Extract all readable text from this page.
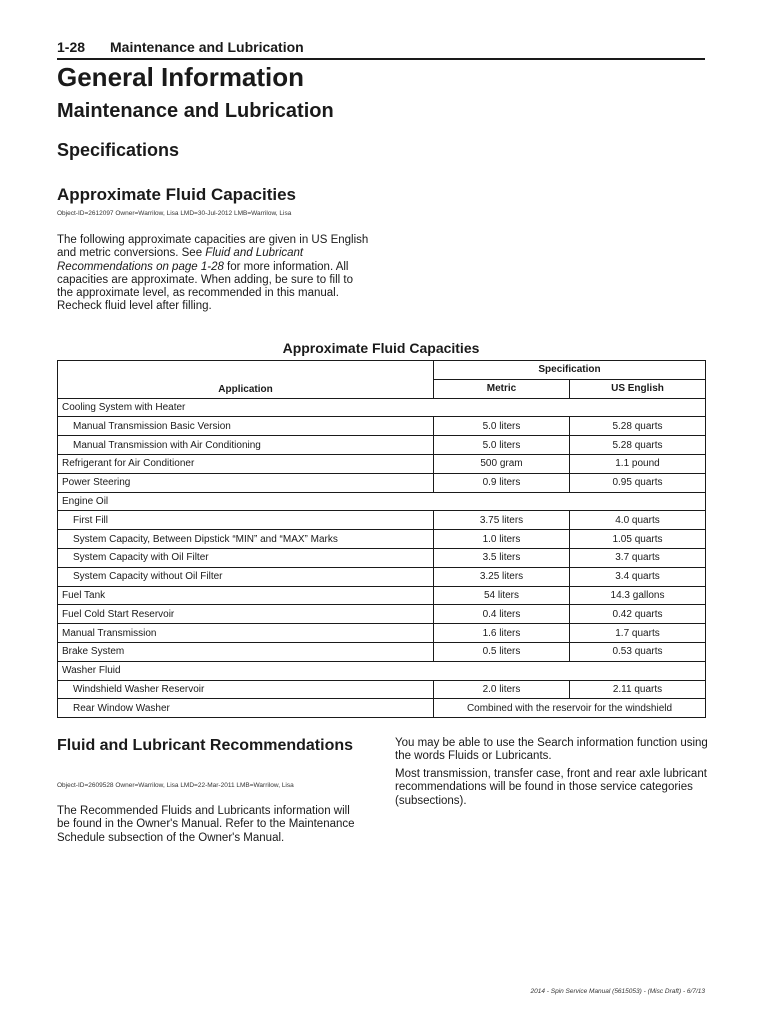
1-28 Maintenance and Lubrication
General Information
Maintenance and Lubrication
Specifications
Approximate Fluid Capacities
Object-ID=2612097 Owner=Warrilow, Lisa LMD=30-Jul-2012 LMB=Warrilow, Lisa
The following approximate capacities are given in US English and metric conversions. See Fluid and Lubricant Recommendations on page 1-28 for more information. All capacities are approximate. When adding, be sure to fill to the approximate level, as recommended in this manual. Recheck fluid level after filling.
Approximate Fluid Capacities
Application	Specification	
	Metric	US English
Cooling System with Heater		
Manual Transmission Basic Version	5.0 liters	5.28 quarts
Manual Transmission with Air Conditioning	5.0 liters	5.28 quarts
Refrigerant for Air Conditioner	500 gram	1.1 pound
Power Steering	0.9 liters	0.95 quarts
Engine Oil		
First Fill	3.75 liters	4.0 quarts
System Capacity, Between Dipstick “MIN” and “MAX” Marks	1.0 liters	1.05 quarts
System Capacity with Oil Filter	3.5 liters	3.7 quarts
System Capacity without Oil Filter	3.25 liters	3.4 quarts
Fuel Tank	54 liters	14.3 gallons
Fuel Cold Start Reservoir	0.4 liters	0.42 quarts
Manual Transmission	1.6 liters	1.7 quarts
Brake System	0.5 liters	0.53 quarts
Washer Fluid		
Windshield Washer Reservoir	2.0 liters	2.11 quarts
Rear Window Washer	Combined with the reservoir for the windshield	
Fluid and Lubricant Recommendations
Object-ID=2609528 Owner=Warrilow, Lisa LMD=22-Mar-2011 LMB=Warrilow, Lisa
The Recommended Fluids and Lubricants information will be found in the Owner's Manual. Refer to the Maintenance Schedule subsection of the Owner's Manual.
You may be able to use the Search information function using the words Fluids or Lubricants.
Most transmission, transfer case, front and rear axle lubricant recommendations will be found in those service categories (subsections).
2014 - Spin Service Manual (5615053) - (Misc Draft) - 6/7/13
